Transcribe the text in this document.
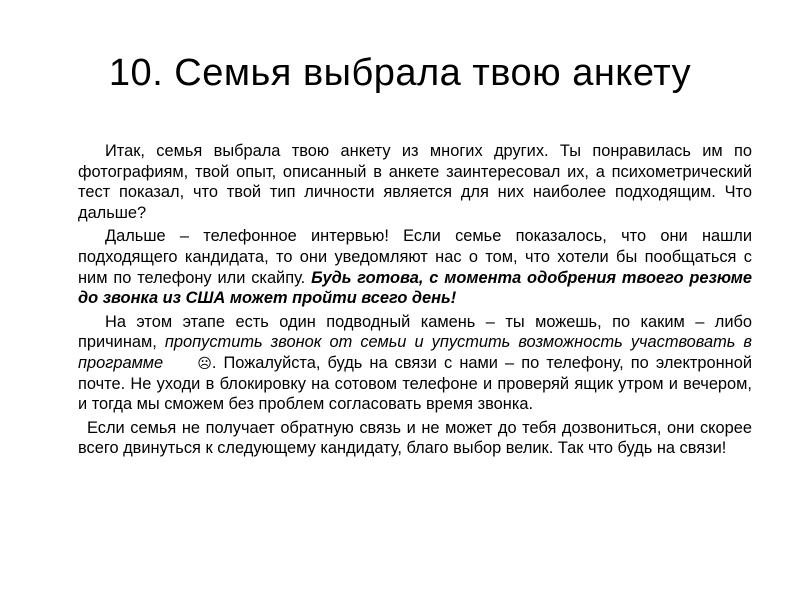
10. Семья выбрала твою анкету

Итак, семья выбрала твою анкету из многих других. Ты понравилась им по фотографиям, твой опыт, описанный в анкете заинтересовал их, а психометрический тест показал, что твой тип личности является для них наиболее подходящим. Что дальше?

Дальше – телефонное интервью! Если семье показалось, что они нашли подходящего кандидата, то они уведомляют нас о том, что хотели бы пообщаться с ним по телефону или скайпу. Будь готова, с момента одобрения твоего резюме до звонка из США может пройти всего день!

На этом этапе есть один подводный камень – ты можешь, по каким – либо причинам, пропустить звонок от семьи и упустить возможность участвовать в программе ☹. Пожалуйста, будь на связи с нами – по телефону, по электронной почте. Не уходи в блокировку на сотовом телефоне и проверяй ящик утром и вечером, и тогда мы сможем без проблем согласовать время звонка.

Если семья не получает обратную связь и не может до тебя дозвониться, они скорее всего двинуться к следующему кандидату, благо выбор велик. Так что будь на связи!
